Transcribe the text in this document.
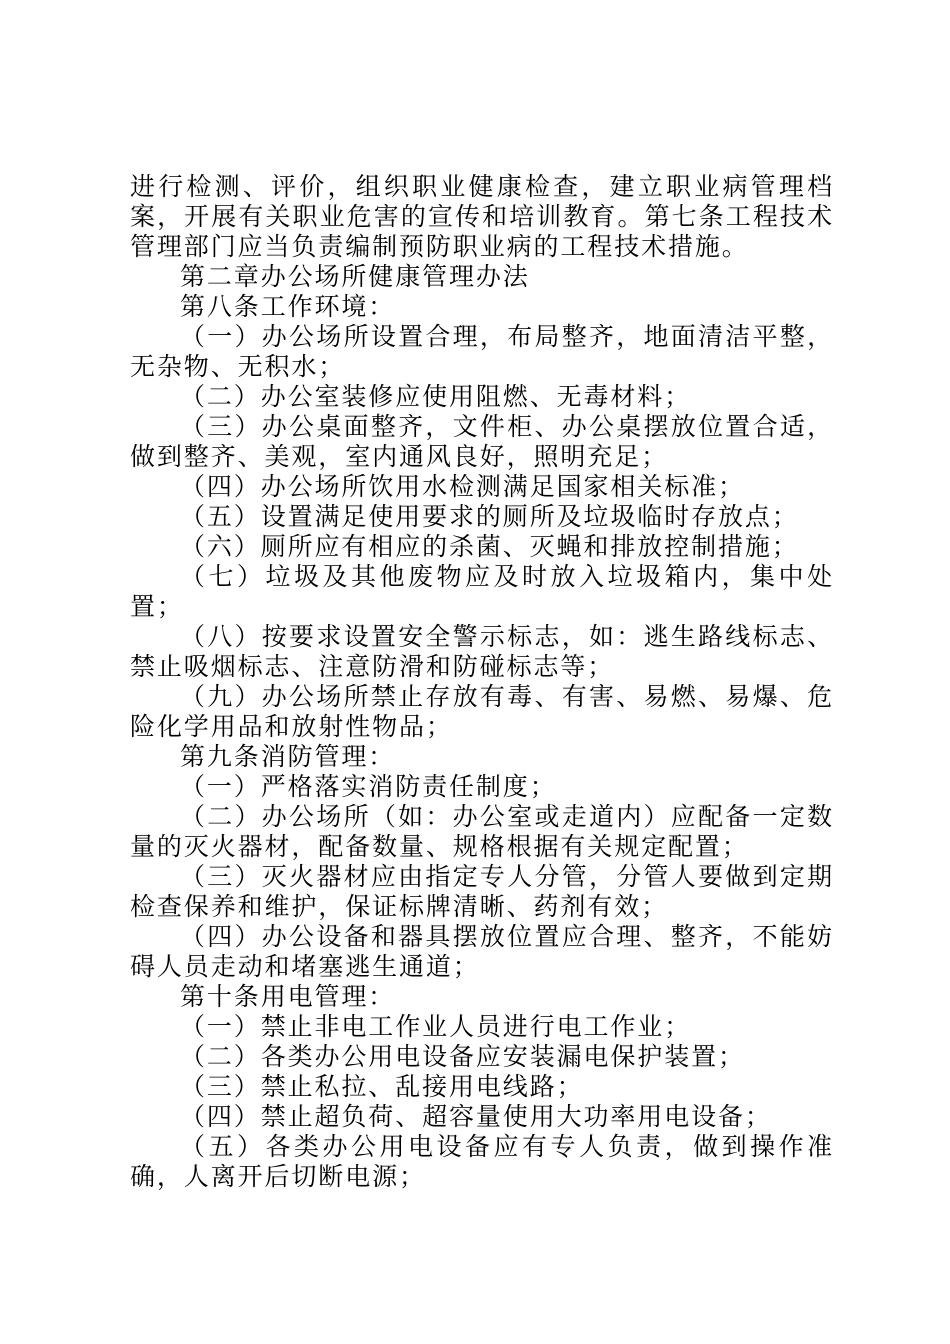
进行检测、评价，组织职业健康检查，建立职业病管理档案，开展有关职业危害的宣传和培训教育。第七条工程技术管理部门应当负责编制预防职业病的工程技术措施。

第二章办公场所健康管理办法

第八条工作环境：

（一）办公场所设置合理，布局整齐，地面清洁平整，无杂物、无积水；

（二）办公室装修应使用阻燃、无毒材料；

（三）办公桌面整齐，文件柜、办公桌摆放位置合适，做到整齐、美观，室内通风良好，照明充足；

（四）办公场所饮用水检测满足国家相关标准；

（五）设置满足使用要求的厕所及垃圾临时存放点；

（六）厕所应有相应的杀菌、灭蝇和排放控制措施；

（七）垃圾及其他废物应及时放入垃圾箱内，集中处置；

（八）按要求设置安全警示标志，如：逃生路线标志、禁止吸烟标志、注意防滑和防碰标志等；

（九）办公场所禁止存放有毒、有害、易燃、易爆、危险化学用品和放射性物品；

第九条消防管理：

（一）严格落实消防责任制度；

（二）办公场所（如：办公室或走道内）应配备一定数量的灭火器材，配备数量、规格根据有关规定配置；

（三）灭火器材应由指定专人分管，分管人要做到定期检查保养和维护，保证标牌清晰、药剂有效；

（四）办公设备和器具摆放位置应合理、整齐，不能妨碍人员走动和堵塞逃生通道；

第十条用电管理：

（一）禁止非电工作业人员进行电工作业；

（二）各类办公用电设备应安装漏电保护装置；

（三）禁止私拉、乱接用电线路；

（四）禁止超负荷、超容量使用大功率用电设备；

（五）各类办公用电设备应有专人负责，做到操作准确，人离开后切断电源；
